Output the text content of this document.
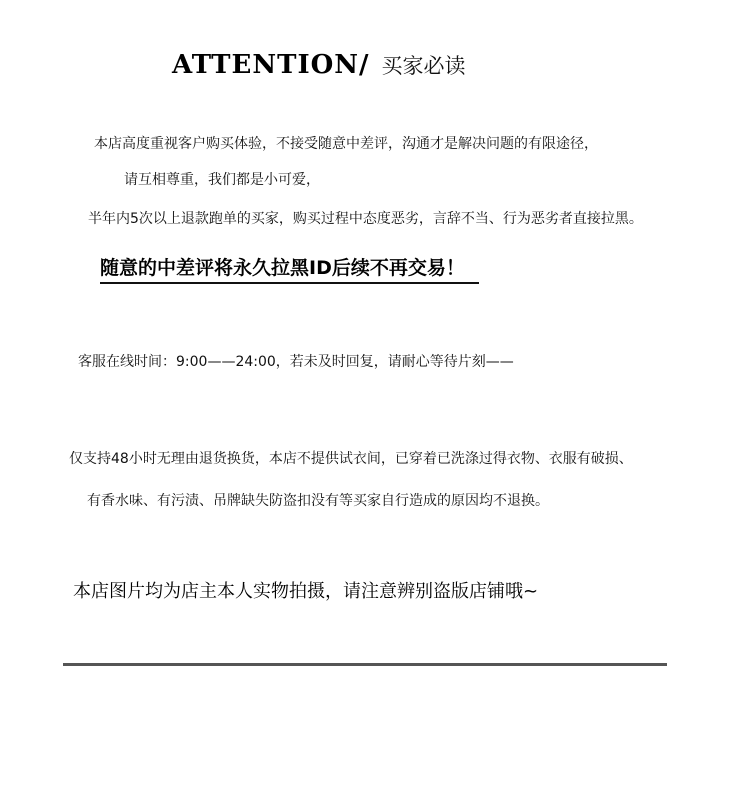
ATTENTION/ 买家必读
本店高度重视客户购买体验，不接受随意中差评，沟通才是解决问题的有限途径，
请互相尊重，我们都是小可爱，
半年内5次以上退款跑单的买家，购买过程中态度恶劣，言辞不当、行为恶劣者直接拉黑。
随意的中差评将永久拉黑ID后续不再交易！
客服在线时间：9:00——24:00，若未及时回复，请耐心等待片刻——
仅支持48小时无理由退货换货，本店不提供试衣间，已穿着已洗涤过得衣物、衣服有破损、
有香水味、有污渍、吊牌缺失防盗扣没有等买家自行造成的原因均不退换。
本店图片均为店主本人实物拍摄，请注意辨别盗版店铺哦~
